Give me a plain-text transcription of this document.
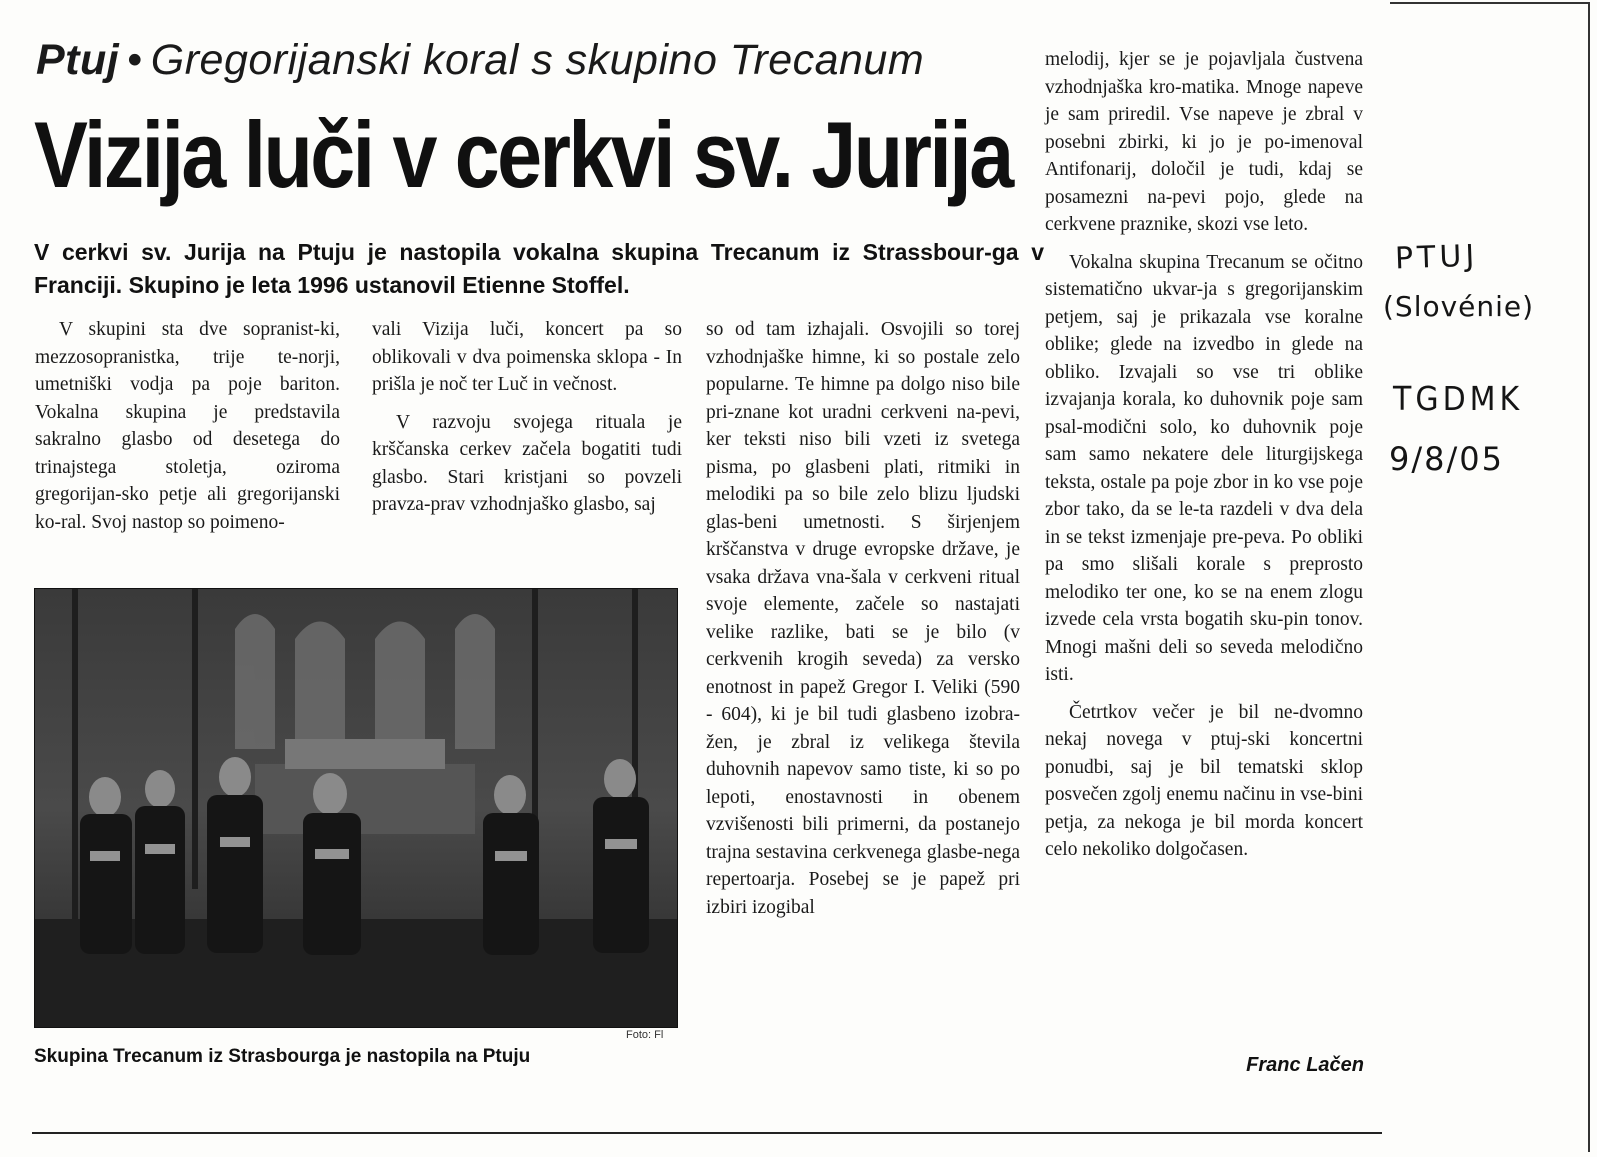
Ptuj • Gregorijanski koral s skupino Trecanum
Vizija luči v cerkvi sv. Jurija
V cerkvi sv. Jurija na Ptuju je nastopila vokalna skupina Trecanum iz Strassbour-ga v Franciji. Skupino je leta 1996 ustanovil Etienne Stoffel.

V skupini sta dve sopranist-ki, mezzosopranistka, trije te-norji, umetniški vodja pa poje bariton. Vokalna skupina je predstavila sakralno glasbo od desetega do trinajstega stoletja, oziroma gregorijan-sko petje ali gregorijanski ko-ral. Svoj nastop so poimeno-

vali Vizija luči, koncert pa so oblikovali v dva poimenska sklopa - In prišla je noč ter Luč in večnost.

V razvoju svojega rituala je krščanska cerkev začela bogatiti tudi glasbo. Stari kristjani so povzeli pravza-prav vzhodnjaško glasbo, saj

so od tam izhajali. Osvojili so torej vzhodnjaške himne, ki so postale zelo popularne. Te himne pa dolgo niso bile pri-znane kot uradni cerkveni na-pevi, ker teksti niso bili vzeti iz svetega pisma, po glasbeni plati, ritmiki in melodiki pa so bile zelo blizu ljudski glas-beni umetnosti. S širjenjem krščanstva v druge evropske države, je vsaka država vna-šala v cerkveni ritual svoje elemente, začele so nastajati velike razlike, bati se je bilo (v cerkvenih krogih seveda) za versko enotnost in papež Gregor I. Veliki (590 - 604), ki je bil tudi glasbeno izobra-žen, je zbral iz velikega števila duhovnih napevov samo tiste, ki so po lepoti, enostavnosti in obenem vzvišenosti bili primerni, da postanejo trajna sestavina cerkvenega glasbe-nega repertoarja. Posebej se je papež pri izbiri izogibal

melodij, kjer se je pojavljala čustvena vzhodnjaška kro-matika. Mnoge napeve je sam priredil. Vse napeve je zbral v posebni zbirki, ki jo je po-imenoval Antifonarij, določil je tudi, kdaj se posamezni na-pevi pojo, glede na cerkvene praznike, skozi vse leto.

Vokalna skupina Trecanum se očitno sistematično ukvar-ja s gregorijanskim petjem, saj je prikazala vse koralne oblike; glede na izvedbo in glede na obliko. Izvajali so vse tri oblike izvajanja korala, ko duhovnik poje sam psal-modični solo, ko duhovnik poje sam samo nekatere dele liturgijskega teksta, ostale pa poje zbor in ko vse poje zbor tako, da se le-ta razdeli v dva dela in se tekst izmenjaje pre-peva. Po obliki pa smo slišali korale s preprosto melodiko ter one, ko se na enem zlogu izvede cela vrsta bogatih sku-pin tonov. Mnogi mašni deli so seveda melodično isti.

Četrtkov večer je bil ne-dvomno nekaj novega v ptuj-ski koncertni ponudbi, saj je bil tematski sklop posvečen zgolj enemu načinu in vse-bini petja, za nekoga je bil morda koncert celo nekoliko dolgočasen.

Foto: Fl
Skupina Trecanum iz Strasbourga je nastopila na Ptuju	Franc Lačen
PTUJ
(Slovénie)
TGDMK
9/8/05
